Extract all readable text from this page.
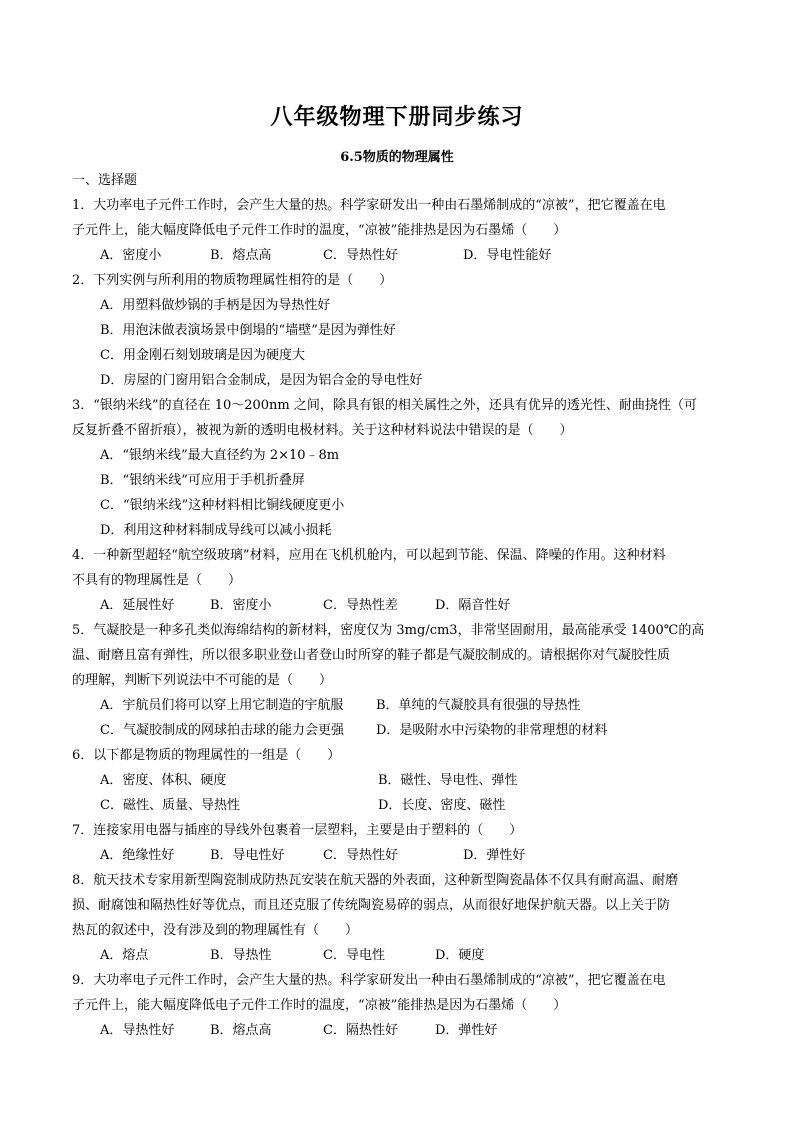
八年级物理下册同步练习
6.5物质的物理属性
一、选择题
1．大功率电子元件工作时，会产生大量的热。科学家研发出一种由石墨烯制成的“凉被”，把它覆盖在电
子元件上，能大幅度降低电子元件工作时的温度，“凉被”能排热是因为石墨烯（　　）
A．密度小	B．熔点高	C．导热性好	D．导电性能好
2．下列实例与所利用的物质物理属性相符的是（　　）
A．用塑料做炒锅的手柄是因为导热性好
B．用泡沫做表演场景中倒塌的“墙壁”是因为弹性好
C．用金刚石刻划玻璃是因为硬度大
D．房屋的门窗用铝合金制成，是因为铝合金的导电性好
3．“银纳米线”的直径在 10～200nm 之间，除具有银的相关属性之外，还具有优异的透光性、耐曲挠性（可
反复折叠不留折痕），被视为新的透明电极材料。关于这种材料说法中错误的是（　　）
A．“银纳米线”最大直径约为 2×10﹣8m
B．“银纳米线”可应用于手机折叠屏
C．“银纳米线”这种材料相比铜线硬度更小
D．利用这种材料制成导线可以减小损耗
4．一种新型超轻“航空级玻璃”材料，应用在飞机机舱内，可以起到节能、保温、降噪的作用。这种材料
不具有的物理属性是（　　）
A．延展性好	B．密度小	C．导热性差	D．隔音性好
5．气凝胶是一种多孔类似海绵结构的新材料，密度仅为 3mg/cm3，非常坚固耐用，最高能承受 1400℃的高
温、耐磨且富有弹性，所以很多职业登山者登山时所穿的鞋子都是气凝胶制成的。请根据你对气凝胶性质
的理解，判断下列说法中不可能的是（　　）
A．宇航员们将可以穿上用它制造的宇航服	B．单纯的气凝胶具有很强的导热性
C．气凝胶制成的网球拍击球的能力会更强 D．是吸附水中污染物的非常理想的材料
6．以下都是物质的物理属性的一组是（　　）
A．密度、体积、硬度	B．磁性、导电性、弹性
C．磁性、质量、导热性	D．长度、密度、磁性
7．连接家用电器与插座的导线外包裹着一层塑料，主要是由于塑料的（　　）
A．绝缘性好	B．导电性好	C．导热性好	D．弹性好
8．航天技术专家用新型陶瓷制成防热瓦安装在航天器的外表面，这种新型陶瓷晶体不仅具有耐高温、耐磨
损、耐腐蚀和隔热性好等优点，而且还克服了传统陶瓷易碎的弱点，从而很好地保护航天器。以上关于防
热瓦的叙述中，没有涉及到的物理属性有（　　）
A．熔点	B．导热性	C．导电性	D．硬度
9．大功率电子元件工作时，会产生大量的热。科学家研发出一种由石墨烯制成的“凉被”，把它覆盖在电
子元件上，能大幅度降低电子元件工作时的温度，“凉被”能排热是因为石墨烯（　　）
A．导热性好	B．熔点高	C．隔热性好	D．弹性好
